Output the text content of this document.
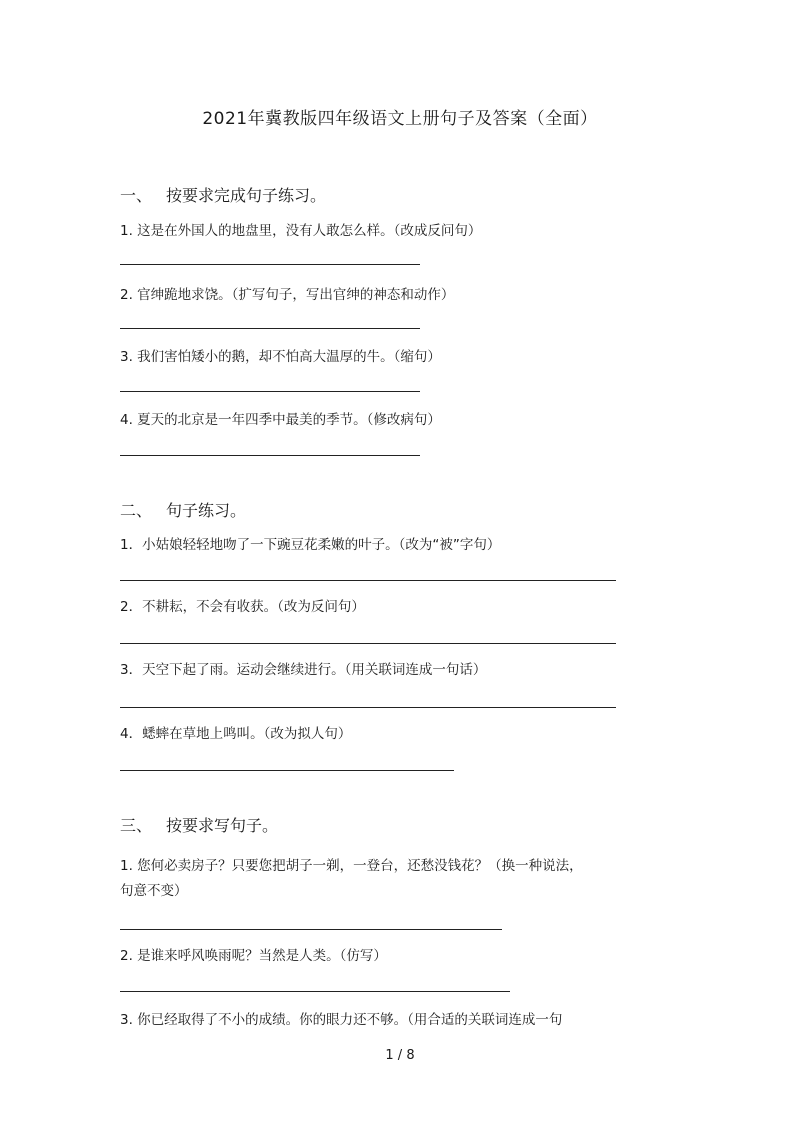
2021年冀教版四年级语文上册句子及答案（全面）
一、 按要求完成句子练习。
1. 这是在外国人的地盘里，没有人敢怎么样。（改成反问句）
2. 官绅跪地求饶。（扩写句子，写出官绅的神态和动作）
3. 我们害怕矮小的鹅，却不怕高大温厚的牛。（缩句）
4. 夏天的北京是一年四季中最美的季节。（修改病句）
二、 句子练习。
1．小姑娘轻轻地吻了一下豌豆花柔嫩的叶子。（改为“被”字句）
2．不耕耘，不会有收获。（改为反问句）
3．天空下起了雨。运动会继续进行。（用关联词连成一句话）
4．蟋蟀在草地上鸣叫。（改为拟人句）
三、 按要求写句子。
1. 您何必卖房子？只要您把胡子一剃，一登台，还愁没钱花？（换一种说法，
句意不变）
2. 是谁来呼风唤雨呢？当然是人类。（仿写）
3. 你已经取得了不小的成绩。你的眼力还不够。（用合适的关联词连成一句
1 / 8
